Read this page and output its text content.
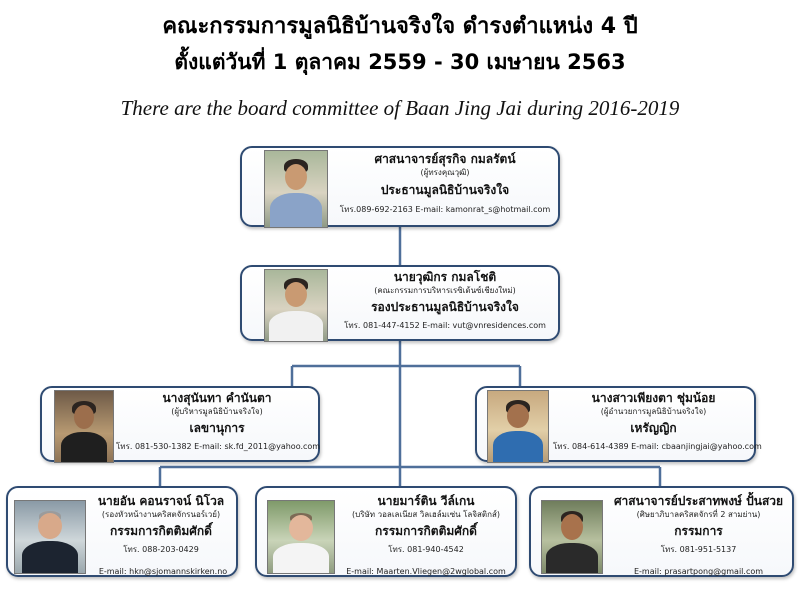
คณะกรรมการมูลนิธิบ้านจริงใจ ดำรงตำแหน่ง 4 ปี
ตั้งแต่วันที่ 1 ตุลาคม 2559 - 30 เมษายน 2563
There are the board committee of Baan Jing Jai during 2016-2019
ศาสนาจารย์สุรกิจ กมลรัตน์
(ผู้ทรงคุณวุฒิ)
ประธานมูลนิธิบ้านจริงใจ
โทร.089-692-2163 E-mail: kamonrat_s@hotmail.com
นายวุฒิกร กมลโชติ
(คณะกรรมการบริหารเรซิเด้นซ์เชียงใหม่)
รองประธานมูลนิธิบ้านจริงใจ
โทร. 081-447-4152 E-mail: vut@vnresidences.com
นางสุนันทา คำนันตา
(ผู้บริหารมูลนิธิบ้านจริงใจ)
เลขานุการ
โทร. 081-530-1382 E-mail: sk.fd_2011@yahoo.com
นางสาวเพียงตา ชุ่มน้อย
(ผู้อำนวยการมูลนิธิบ้านจริงใจ)
เหรัญญิก
โทร. 084-614-4389 E-mail: cbaanjingjai@yahoo.com
นายอัน คอนราจน์ นิโวล
(รองหัวหน้างานคริสตจักรนอร์เวย์)
กรรมการกิตติมศักดิ์
โทร. 088-203-0429
E-mail: hkn@sjomannskirken.no
นายมาร์ติน วีล์เกน
(บริษัท วอลเลเนียส วิลเฮล์มเซ่น โลจิสติกส์)
กรรมการกิตติมศักดิ์
โทร. 081-940-4542
E-mail: Maarten.Vliegen@2wglobal.com
ศาสนาจารย์ประสาทพงษ์ ปั้นสวย
(ศิษยาภิบาลคริสตจักรที่ 2 สามย่าน)
กรรมการ
โทร. 081-951-5137
E-mail: prasartpong@gmail.com
